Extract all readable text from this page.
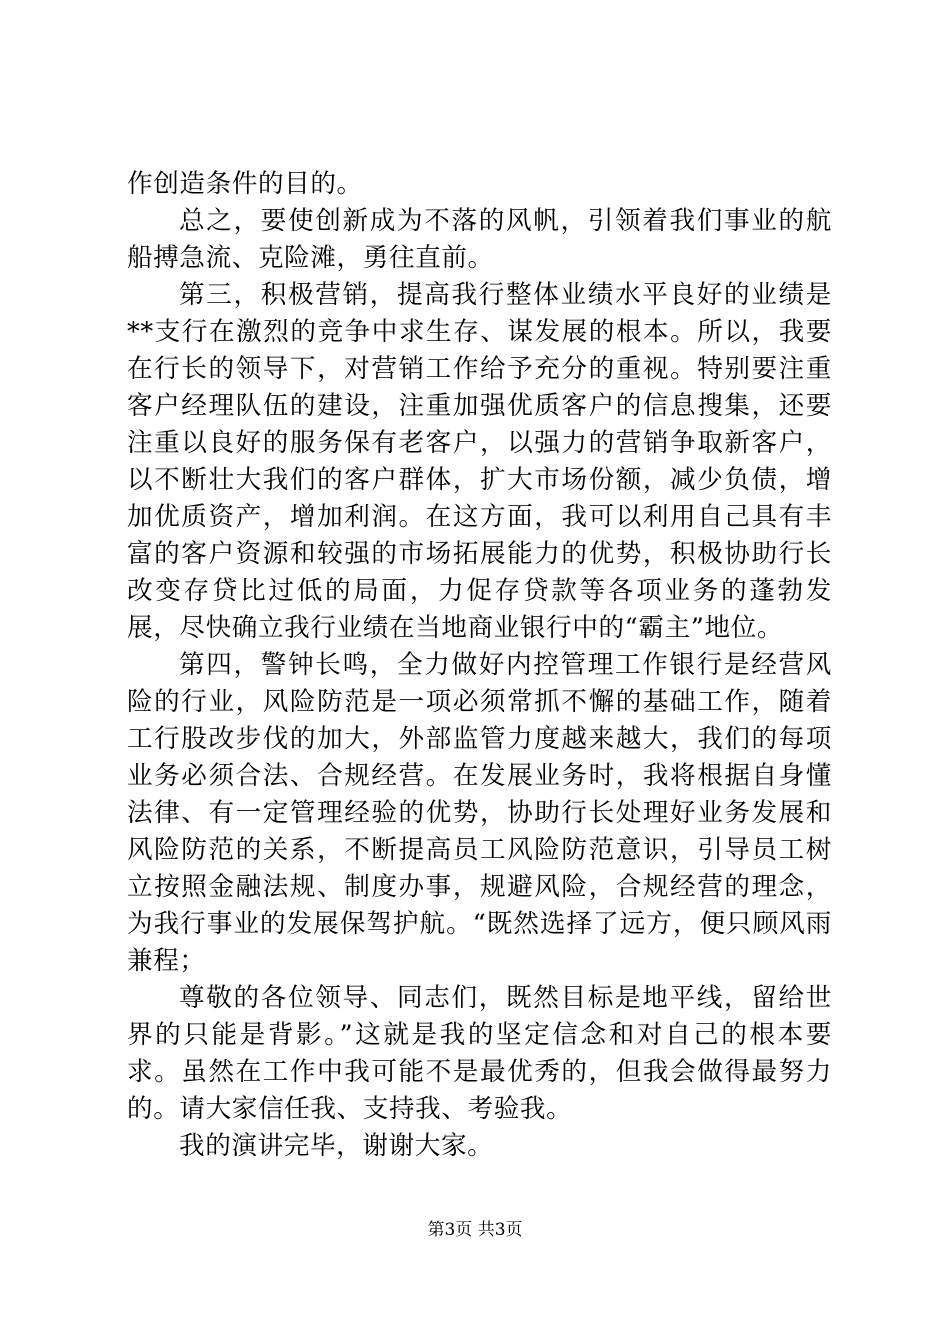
作创造条件的目的。

总之，要使创新成为不落的风帆，引领着我们事业的航船搏急流、克险滩，勇往直前。

第三，积极营销，提高我行整体业绩水平良好的业绩是**支行在激烈的竞争中求生存、谋发展的根本。所以，我要在行长的领导下，对营销工作给予充分的重视。特别要注重客户经理队伍的建设，注重加强优质客户的信息搜集，还要注重以良好的服务保有老客户，以强力的营销争取新客户，以不断壮大我们的客户群体，扩大市场份额，减少负债，增加优质资产，增加利润。在这方面，我可以利用自己具有丰富的客户资源和较强的市场拓展能力的优势，积极协助行长改变存贷比过低的局面，力促存贷款等各项业务的蓬勃发展，尽快确立我行业绩在当地商业银行中的“霸主”地位。

第四，警钟长鸣，全力做好内控管理工作银行是经营风险的行业，风险防范是一项必须常抓不懈的基础工作，随着工行股改步伐的加大，外部监管力度越来越大，我们的每项业务必须合法、合规经营。在发展业务时，我将根据自身懂法律、有一定管理经验的优势，协助行长处理好业务发展和风险防范的关系，不断提高员工风险防范意识，引导员工树立按照金融法规、制度办事，规避风险，合规经营的理念，为我行事业的发展保驾护航。“既然选择了远方，便只顾风雨兼程；

尊敬的各位领导、同志们，既然目标是地平线，留给世界的只能是背影。”这就是我的坚定信念和对自己的根本要求。虽然在工作中我可能不是最优秀的，但我会做得最努力的。请大家信任我、支持我、考验我。

我的演讲完毕，谢谢大家。

第3页 共3页
